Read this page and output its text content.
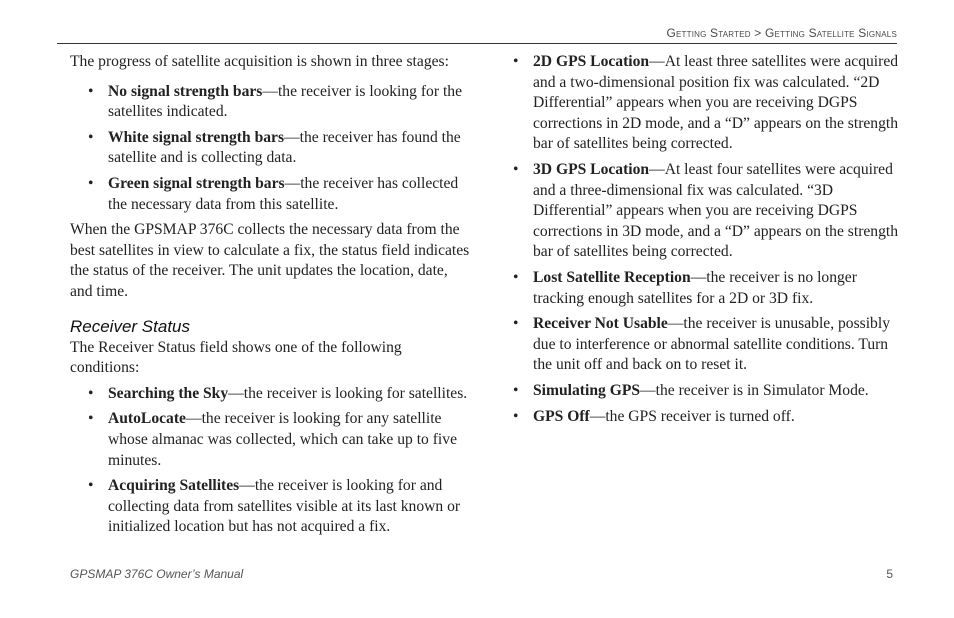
Getting Started > Getting Satellite Signals

The progress of satellite acquisition is shown in three stages:

• No signal strength bars—the receiver is looking for the satellites indicated.
• White signal strength bars—the receiver has found the satellite and is collecting data.
• Green signal strength bars—the receiver has collected the necessary data from this satellite.

When the GPSMAP 376C collects the necessary data from the best satellites in view to calculate a fix, the status field indicates the status of the receiver. The unit updates the location, date, and time.

Receiver Status

The Receiver Status field shows one of the following conditions:

• Searching the Sky—the receiver is looking for satellites.
• AutoLocate—the receiver is looking for any satellite whose almanac was collected, which can take up to five minutes.
• Acquiring Satellites—the receiver is looking for and collecting data from satellites visible at its last known or initialized location but has not acquired a fix.
• 2D GPS Location—At least three satellites were acquired and a two-dimensional position fix was calculated. “2D Differential” appears when you are receiving DGPS corrections in 2D mode, and a “D” appears on the strength bar of satellites being corrected.
• 3D GPS Location—At least four satellites were acquired and a three-dimensional fix was calculated. “3D Differential” appears when you are receiving DGPS corrections in 3D mode, and a “D” appears on the strength bar of satellites being corrected.
• Lost Satellite Reception—the receiver is no longer tracking enough satellites for a 2D or 3D fix.
• Receiver Not Usable—the receiver is unusable, possibly due to interference or abnormal satellite conditions. Turn the unit off and back on to reset it.
• Simulating GPS—the receiver is in Simulator Mode.
• GPS Off—the GPS receiver is turned off.
GPSMAP 376C Owner’s Manual	5
